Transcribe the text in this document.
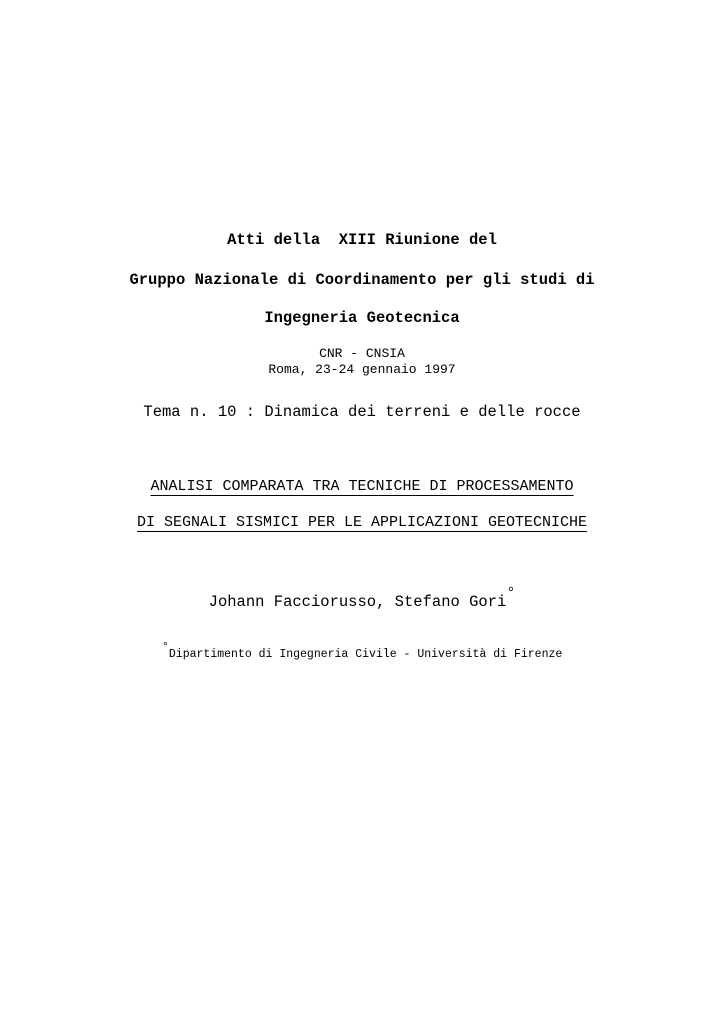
Atti della  XIII Riunione del
Gruppo Nazionale di Coordinamento per gli studi di
Ingegneria Geotecnica
CNR - CNSIA
Roma, 23-24 gennaio 1997
Tema n. 10 : Dinamica dei terreni e delle rocce
ANALISI COMPARATA TRA TECNICHE DI PROCESSAMENTO
DI SEGNALI SISMICI PER LE APPLICAZIONI GEOTECNICHE
Johann Facciorusso, Stefano Gori°
°Dipartimento di Ingegneria Civile - Università di Firenze
